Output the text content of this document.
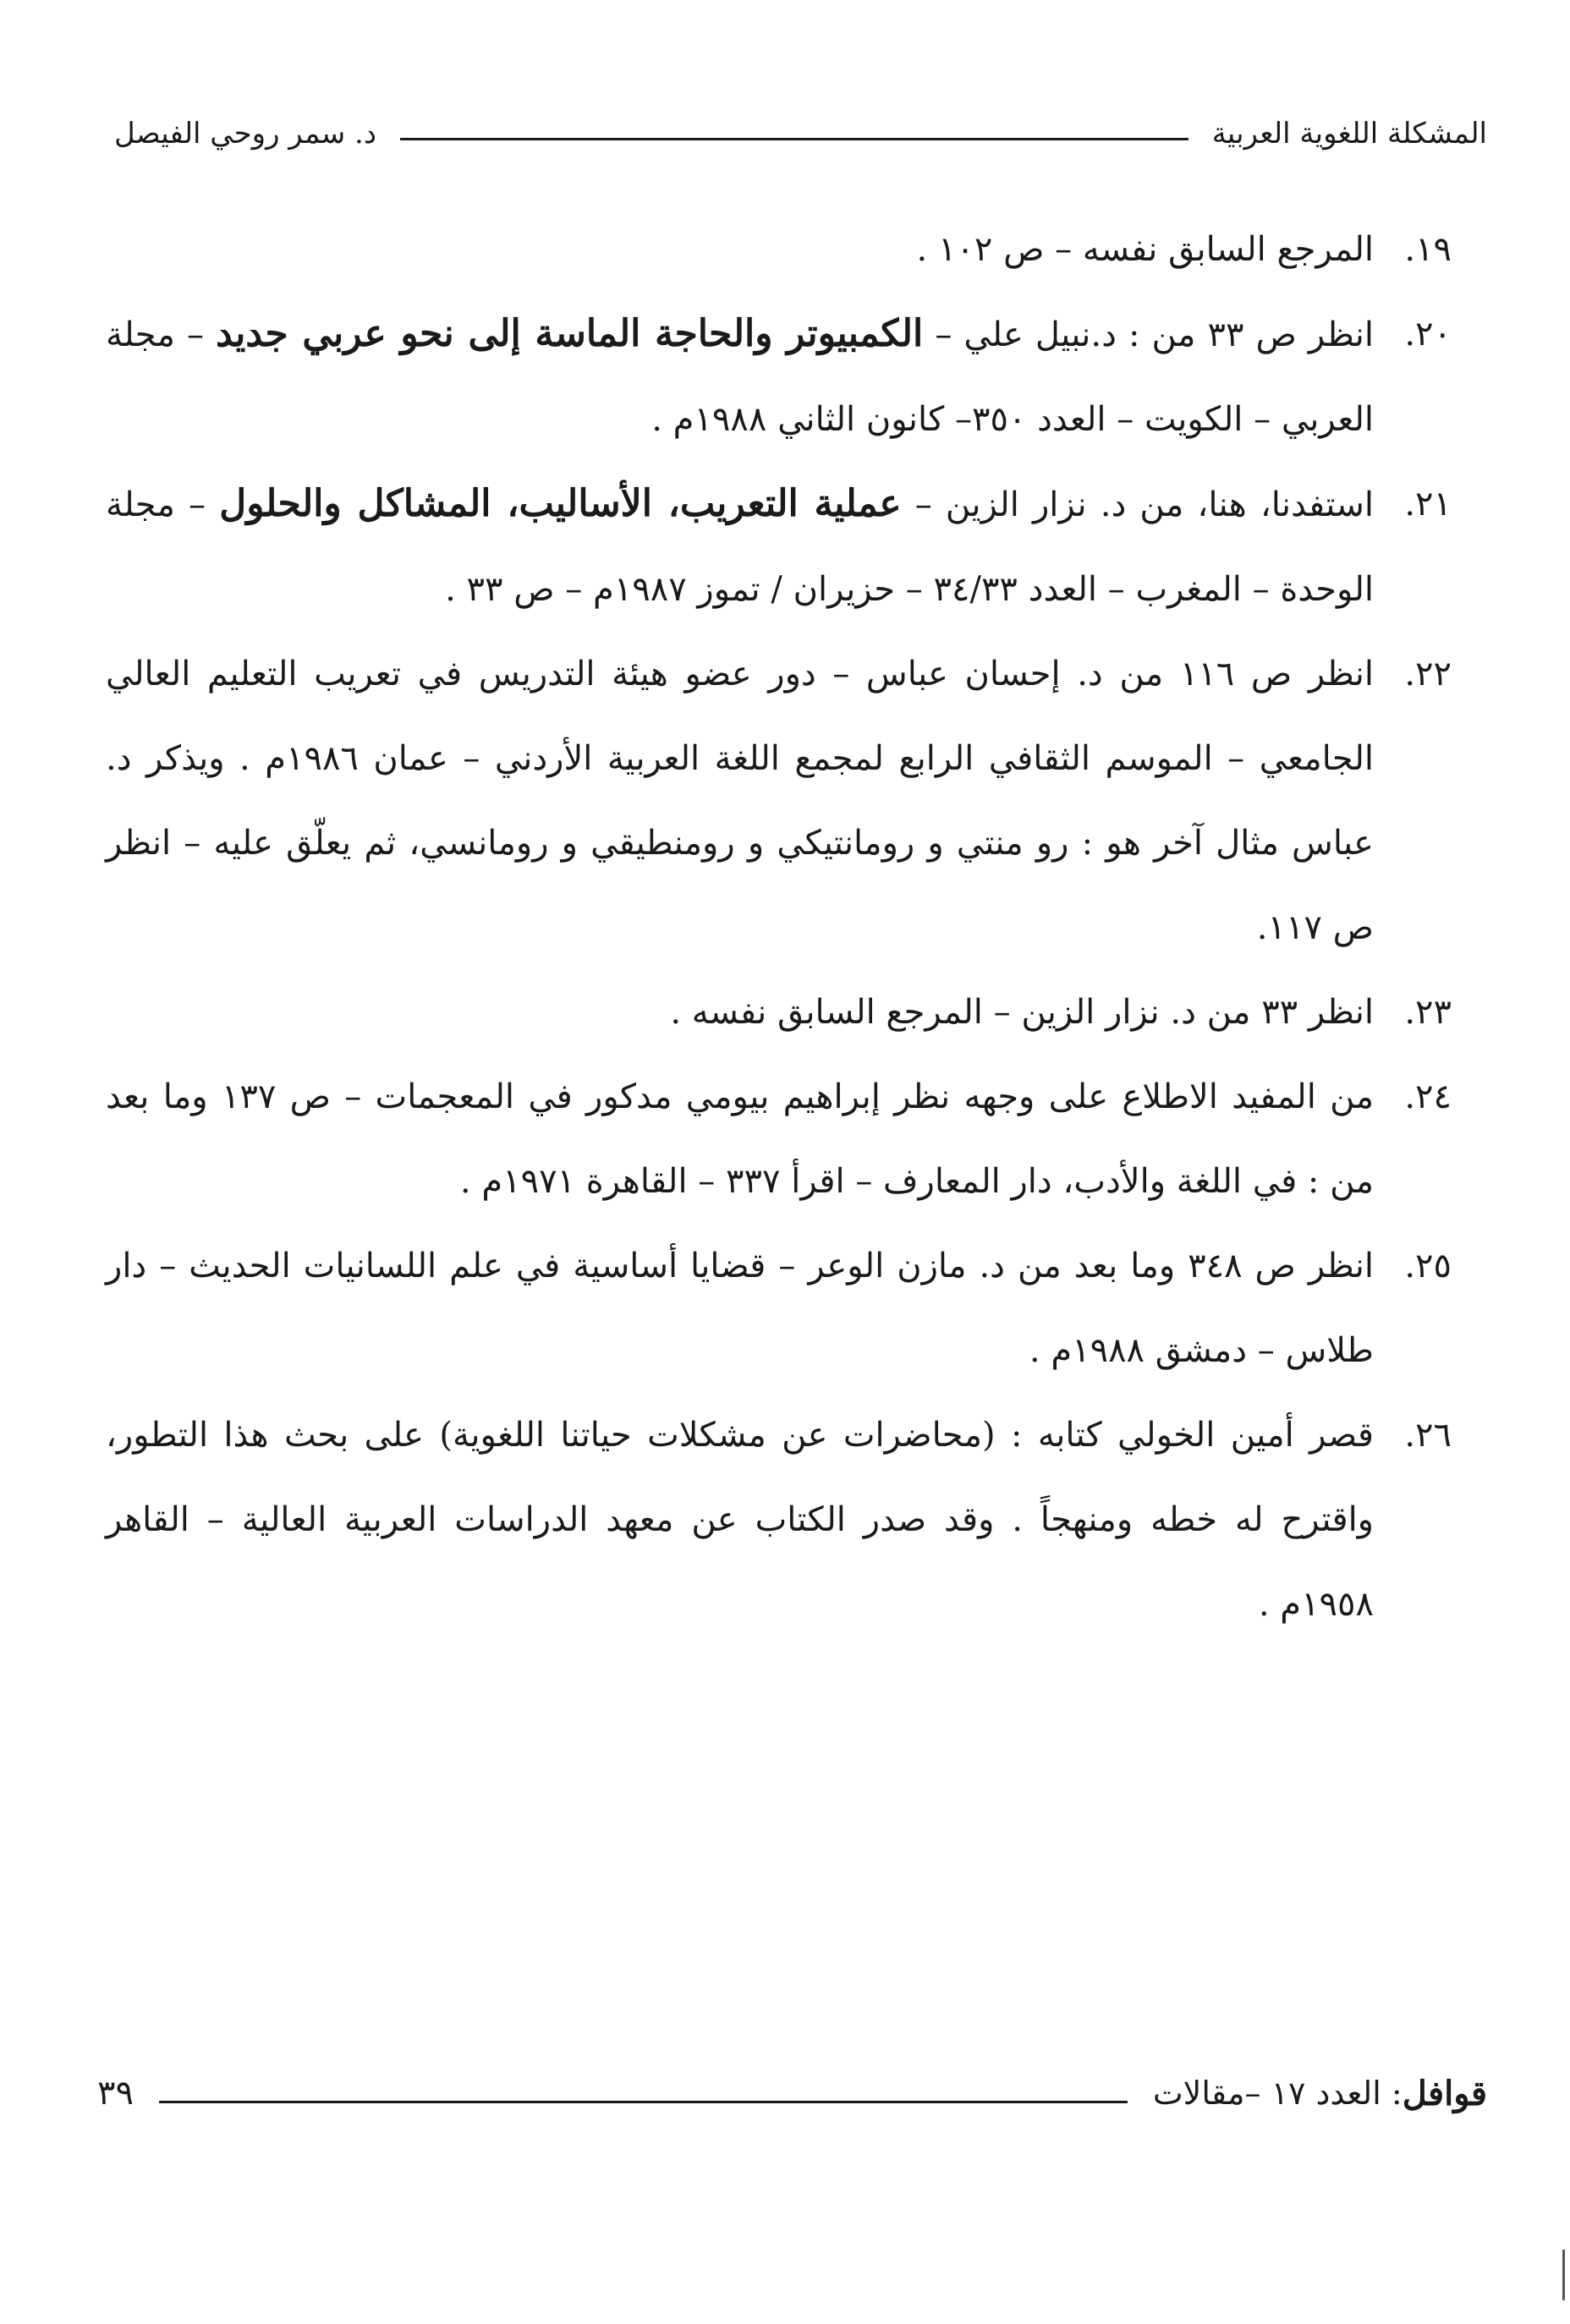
المشكلة اللغوية العربية
د. سمر روحي الفيصل

١٩.
المرجع السابق نفسه – ص ١٠٢ .

٢٠.
انظر ص ٣٣ من : د.نبيل علي – الكمبيوتر والحاجة الماسة إلى نحو عربي جديد – مجلة العربي – الكويت – العدد ٣٥٠– كانون الثاني ١٩٨٨م .

٢١.
استفدنا، هنا، من د. نزار الزين – عملية التعريب، الأساليب، المشاكل والحلول – مجلة الوحدة – المغرب – العدد ٣٤/٣٣ – حزيران / تموز ١٩٨٧م – ص ٣٣ .

٢٢.
انظر ص ١١٦ من د. إحسان عباس – دور عضو هيئة التدريس في تعريب التعليم العالي الجامعي – الموسم الثقافي الرابع لمجمع اللغة العربية الأردني – عمان ١٩٨٦م . ويذكر د. عباس مثال آخر هو : رو منتي و رومانتيكي و رومنطيقي و رومانسي، ثم يعلّق عليه – انظر ص ١١٧.

٢٣.
انظر ٣٣ من د. نزار الزين – المرجع السابق نفسه .

٢٤.
من المفيد الاطلاع على وجهه نظر إبراهيم بيومي مدكور في المعجمات – ص ١٣٧ وما بعد من : في اللغة والأدب، دار المعارف – اقرأ ٣٣٧ – القاهرة ١٩٧١م .

٢٥.
انظر ص ٣٤٨ وما بعد من د. مازن الوعر – قضايا أساسية في علم اللسانيات الحديث – دار طلاس – دمشق ١٩٨٨م .

٢٦.
قصر أمين الخولي كتابه : (محاضرات عن مشكلات حياتنا اللغوية) على بحث هذا التطور، واقترح له خطه ومنهجاً . وقد صدر الكتاب عن معهد الدراسات العربية العالية – القاهر ١٩٥٨م .

قوافل
: العدد ١٧ –مقالات
٣٩
